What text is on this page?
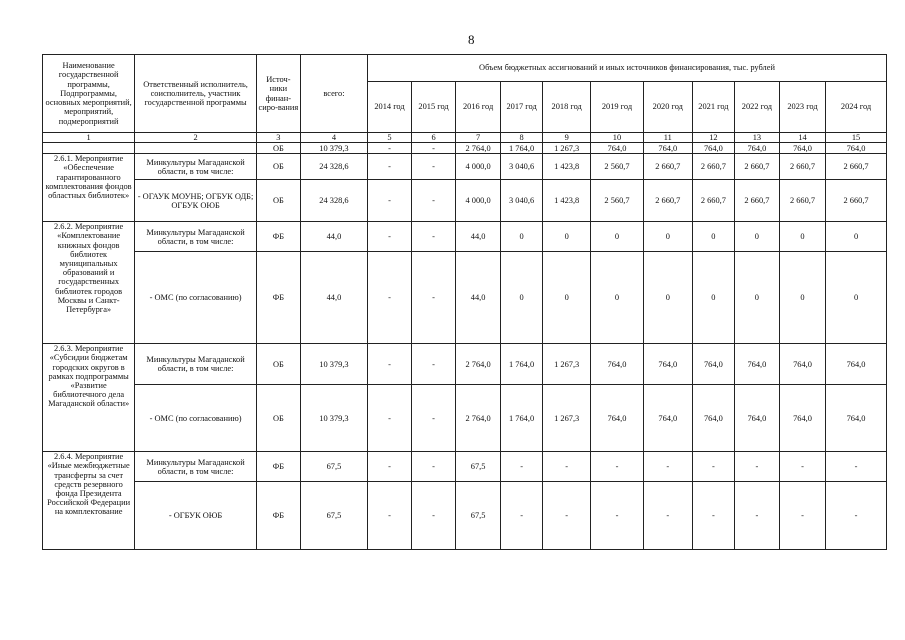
8
Наименование государственной программы, Подпрограммы, основных мероприятий, мероприятий, подмероприятий	Ответственный исполнитель, соисполнитель, участник государственной программы	Источ-ники финан-сиро-вания	всего:	Объем бюджетных ассигнований и иных источников финансирования, тыс. рублей										
				2014 год	2015 год	2016 год	2017 год	2018 год	2019 год	2020 год	2021 год	2022 год	2023 год	2024 год
1	2	3	4	5	6	7	8	9	10	11	12	13	14	15
		ОБ	10 379,3	-	-	2 764,0	1 764,0	1 267,3	764,0	764,0	764,0	764,0	764,0	764,0
2.6.1. Мероприятие «Обеспечение гарантированного комплектования фондов областных библиотек»	Минкультуры Магаданской области, в том числе:	ОБ	24 328,6	-	-	4 000,0	3 040,6	1 423,8	2 560,7	2 660,7	2 660,7	2 660,7	2 660,7	2 660,7
	- ОГАУК МОУНБ; ОГБУК ОДБ; ОГБУК ОЮБ	ОБ	24 328,6	-	-	4 000,0	3 040,6	1 423,8	2 560,7	2 660,7	2 660,7	2 660,7	2 660,7	2 660,7
2.6.2. Мероприятие «Комплектование книжных фондов библиотек муниципальных образований и государственных библиотек городов Москвы и Санкт-Петербурга»	Минкультуры Магаданской области, в том числе:	ФБ	44,0	-	-	44,0	0	0	0	0	0	0	0	0
	- ОМС (по согласованию)	ФБ	44,0	-	-	44,0	0	0	0	0	0	0	0	0
2.6.3. Мероприятие «Субсидии бюджетам городских округов в рамках подпрограммы «Развитие библиотечного дела Магаданской области»	Минкультуры Магаданской области, в том числе:	ОБ	10 379,3	-	-	2 764,0	1 764,0	1 267,3	764,0	764,0	764,0	764,0	764,0	764,0
	- ОМС (по согласованию)	ОБ	10 379,3	-	-	2 764,0	1 764,0	1 267,3	764,0	764,0	764,0	764,0	764,0	764,0
2.6.4. Мероприятие «Иные межбюджетные трансферты за счет средств резервного фонда Президента Российской Федерации на комплектование	Минкультуры Магаданской области, в том числе:	ФБ	67,5	-	-	67,5	-	-	-	-	-	-	-	-
	- ОГБУК ОЮБ	ФБ	67,5	-	-	67,5	-	-	-	-	-	-	-	-
